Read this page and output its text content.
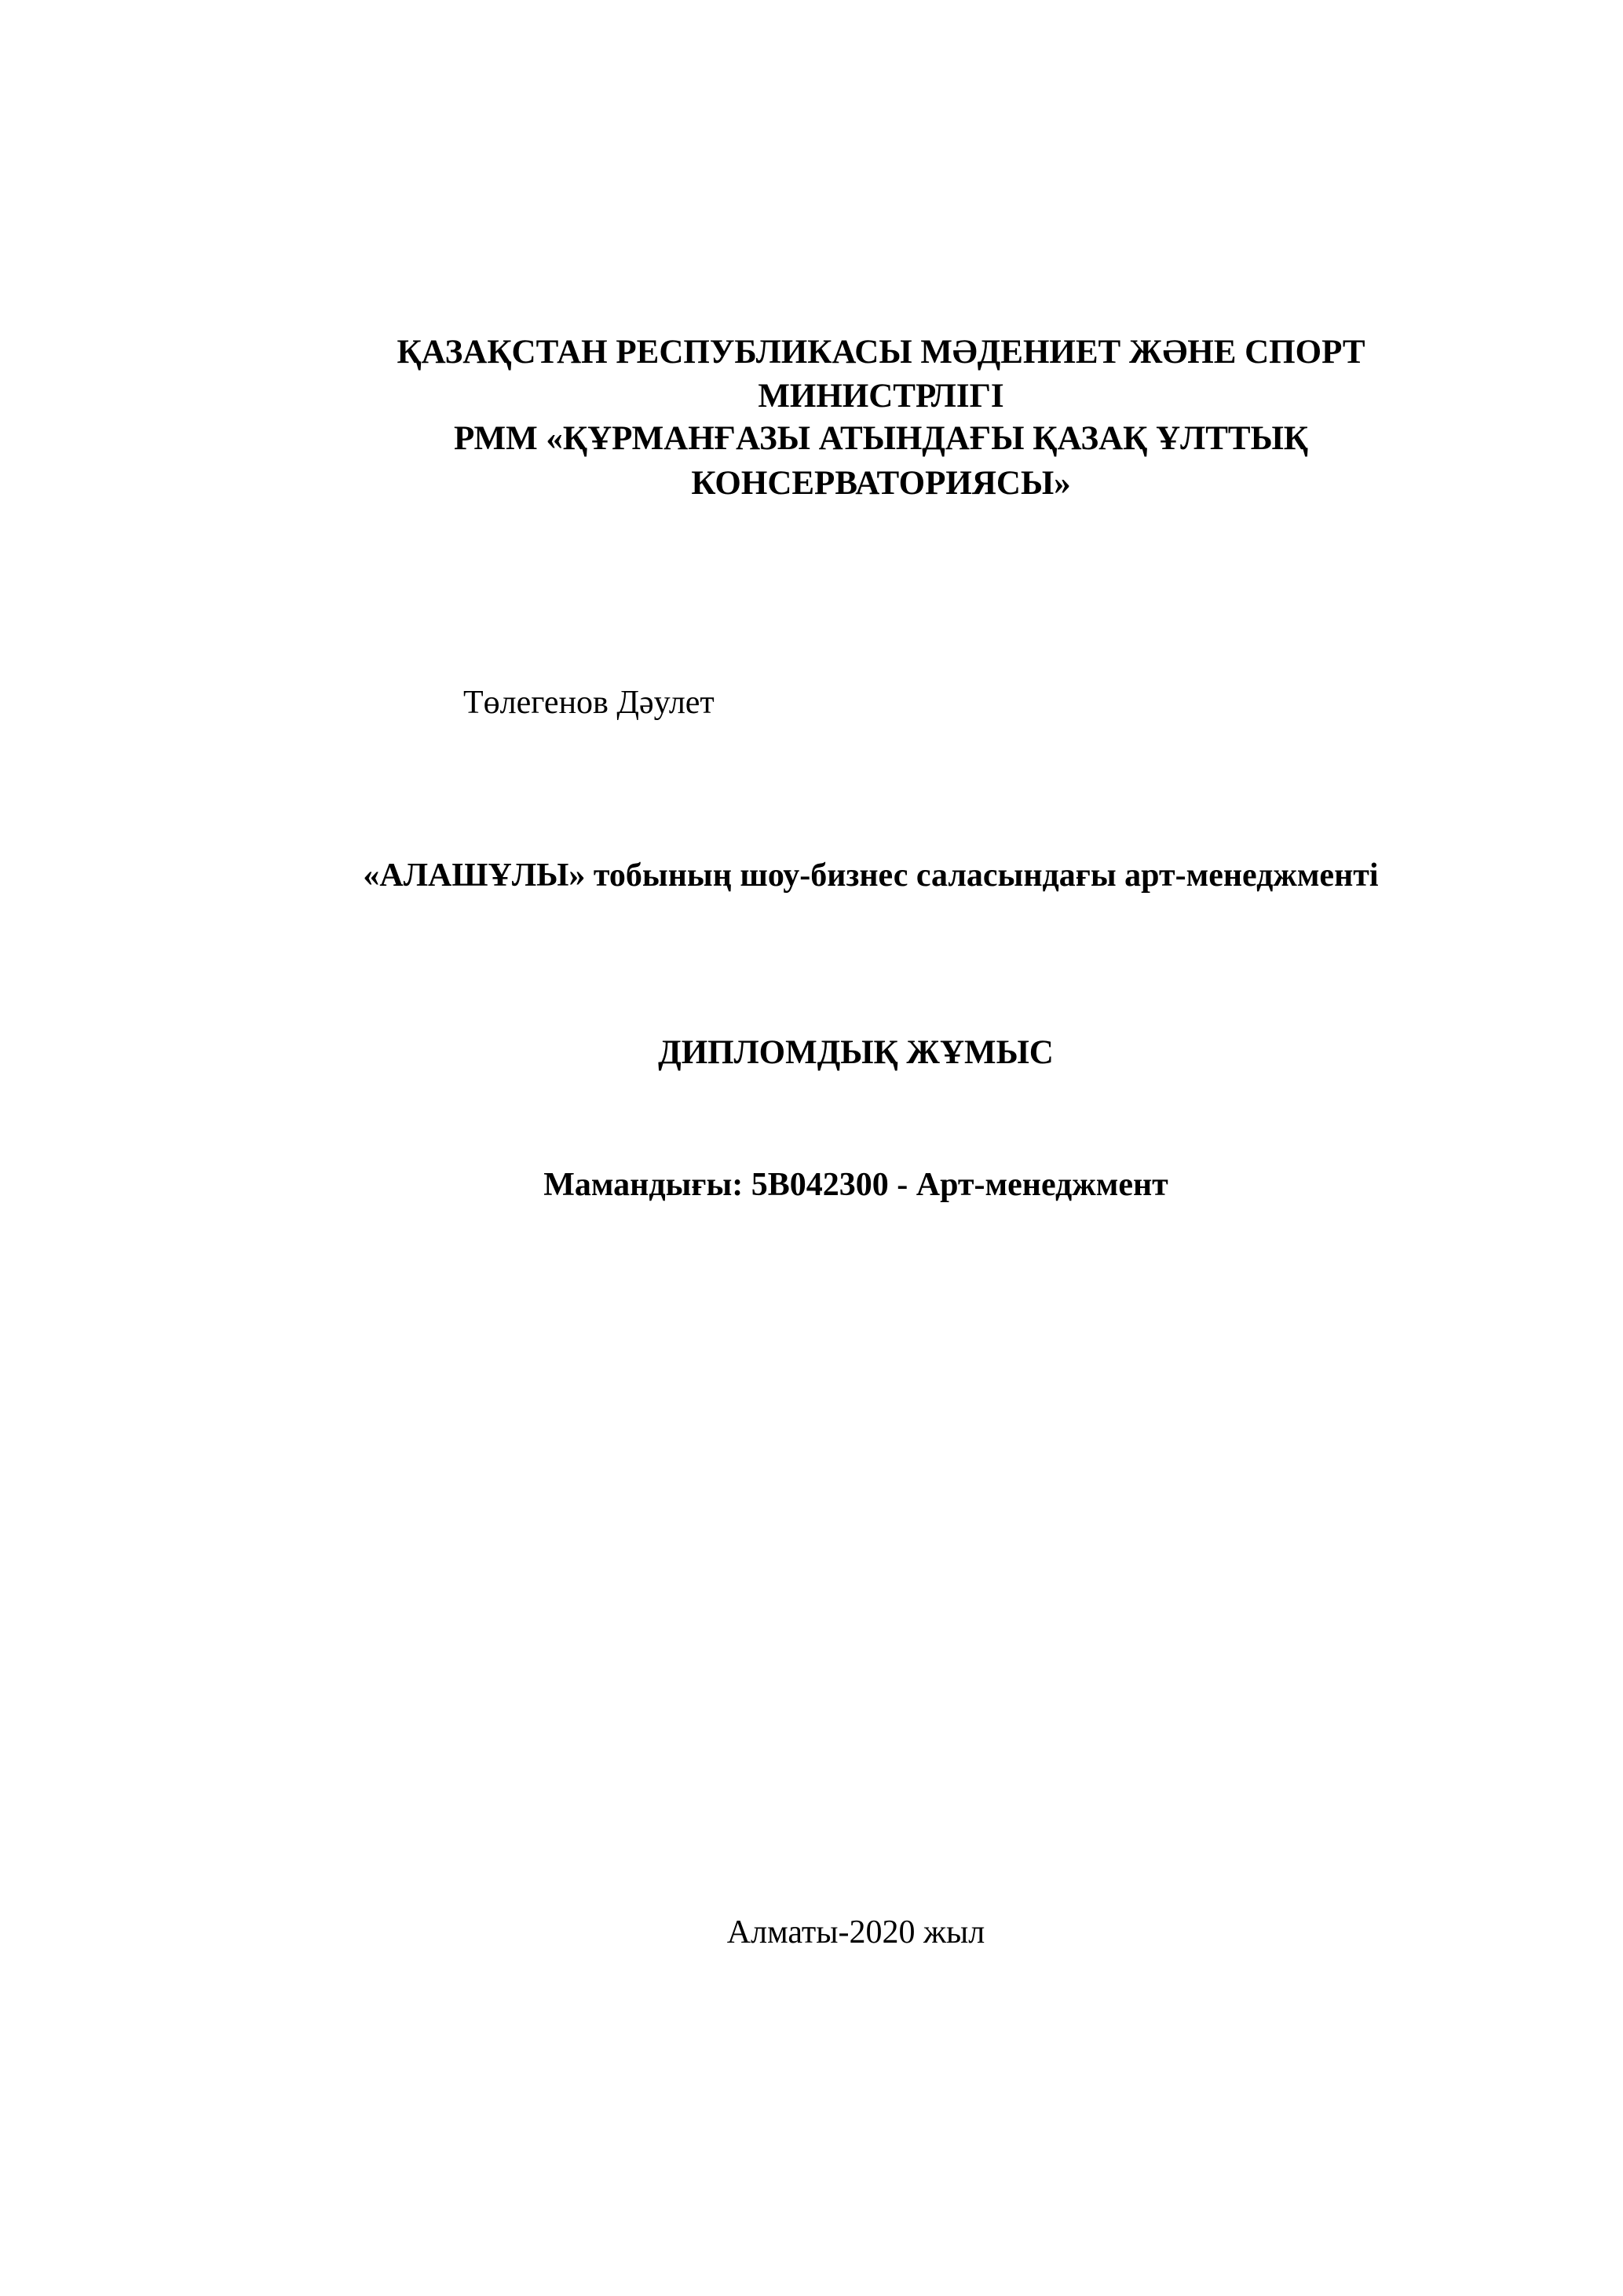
ҚАЗАҚСТАН РЕСПУБЛИКАСЫ МӘДЕНИЕТ ЖӘНЕ СПОРТ

МИНИСТРЛІГІ

РММ «ҚҰРМАНҒАЗЫ АТЫНДАҒЫ ҚАЗАҚ ҰЛТТЫҚ

КОНСЕРВАТОРИЯСЫ»

Төлегенов Дәулет

«АЛАШҰЛЫ» тобының шоу-бизнес саласындағы арт-менеджменті

ДИПЛОМДЫҚ ЖҰМЫС

Мамандығы: 5В042300 - Арт-менеджмент

Алматы-2020 жыл
